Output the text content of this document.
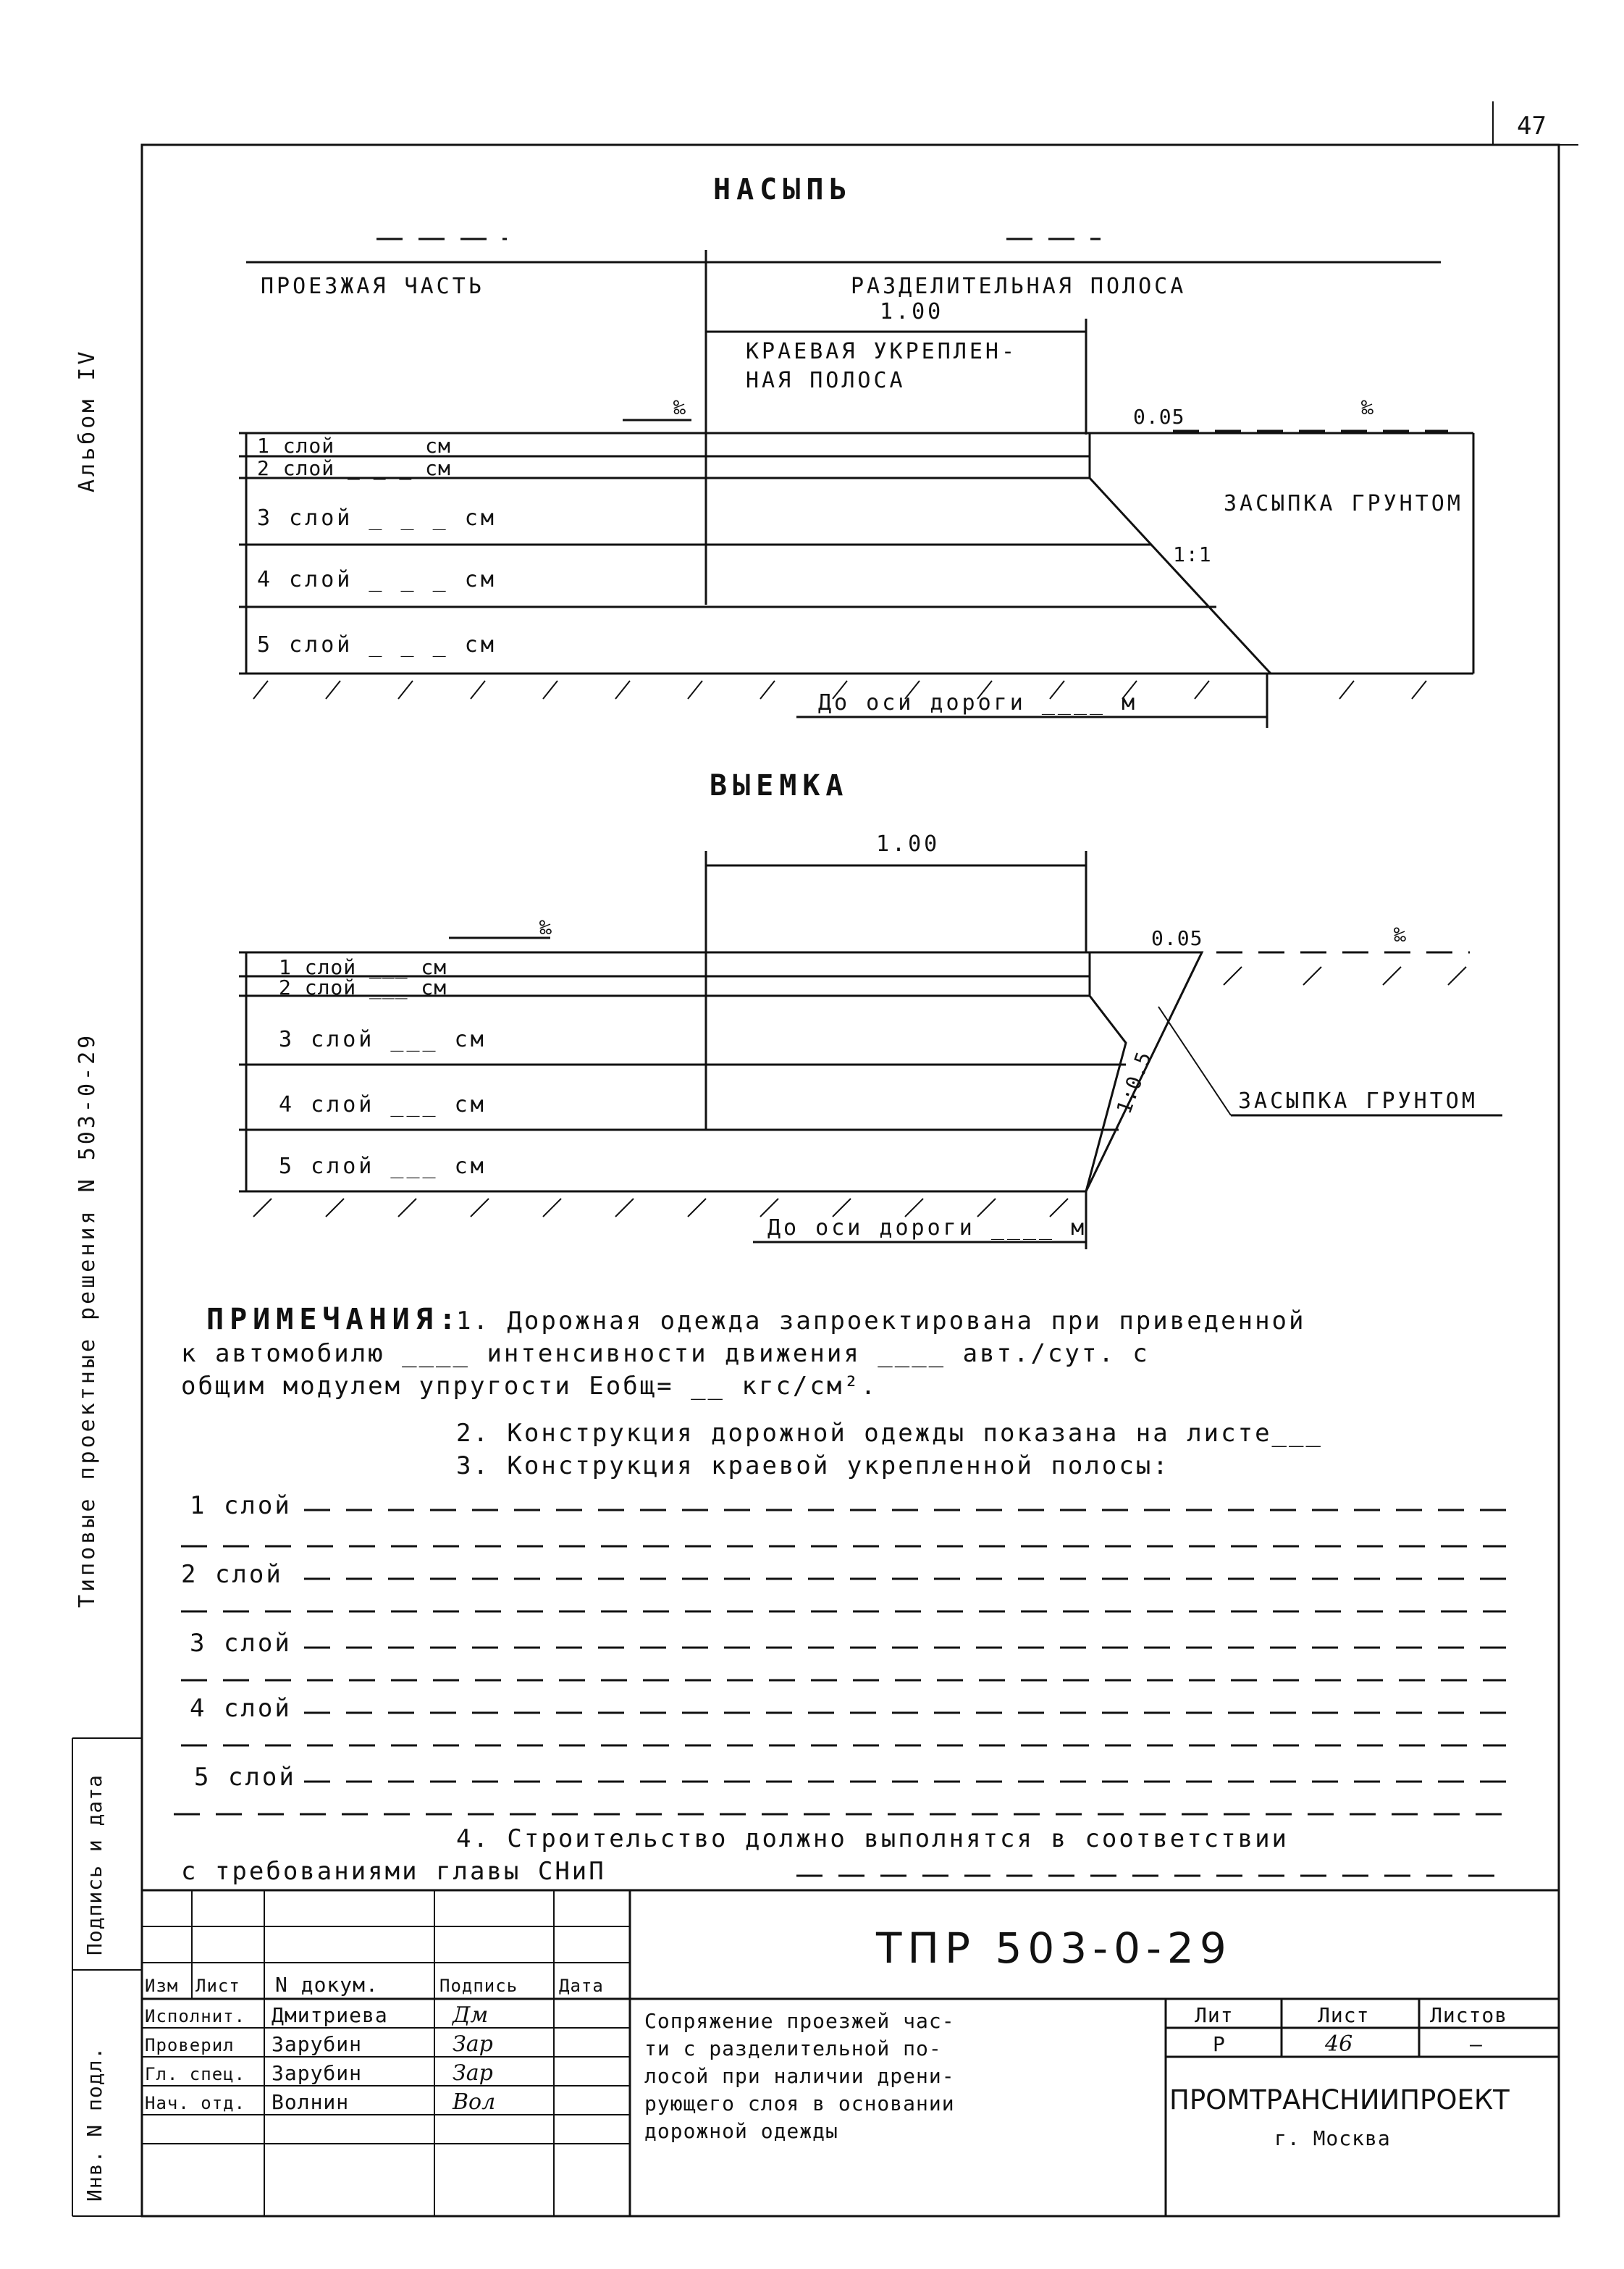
47
Альбом IV
Типовые проектные решения N 503-0-29
Подпись и дата
Инв. N подл.
НАСЫПЬ
ПРОЕЗЖАЯ ЧАСТЬ	РАЗДЕЛИТЕЛЬНАЯ ПОЛОСА
1.00
КРАЕВАЯ УКРЕПЛЕН-
НАЯ ПОЛОСА
‰	0.05	‰
1:1
ЗАСЫПКА ГРУНТОМ
1 слой _ _ _ см
2 слой _ _ _ см
3 слой _ _ _ см
4 слой _ _ _ см
5 слой _ _ _ см
До оси дороги ____ м
ВЫЕМКА
1.00
‰	0.05	‰
1:0.5	ЗАСЫПКА ГРУНТОМ
1 слой ___ см
2 слой ___ см
3 слой ___ см
4 слой ___ см
5 слой ___ см
До оси дороги ____ м
ПРИМЕЧАНИЯ:
1. Дорожная одежда запроектирована при приведенной
к автомобилю ____ интенсивности движения ____ авт./сут. с
общим модулем упругости Еобщ= __ кгс/см².
2. Конструкция дорожной одежды показана на листе___
3. Конструкция краевой укрепленной полосы:
1 слой
2 слой
3 слой
4 слой
5 слой
4. Строительство должно выполнятся в соответствии
с требованиями главы СНиП
Изм Лист N докум.	Подпись Дата
Исполнит. Дмитриева	Дм
Проверил Зарубин	Зар
Гл. спец. Зарубин	Зар
Нач. отд. Волнин	Вол
ТПР 503-0-29
Сопряжение проезжей час-
ти с разделительной по-
лосой при наличии дрени-
рующего слоя в основании
дорожной одежды
Лит	Лист	Листов
Р	46	—
ПРОМТРАНСНИИПРОЕКТ
г. Москва
